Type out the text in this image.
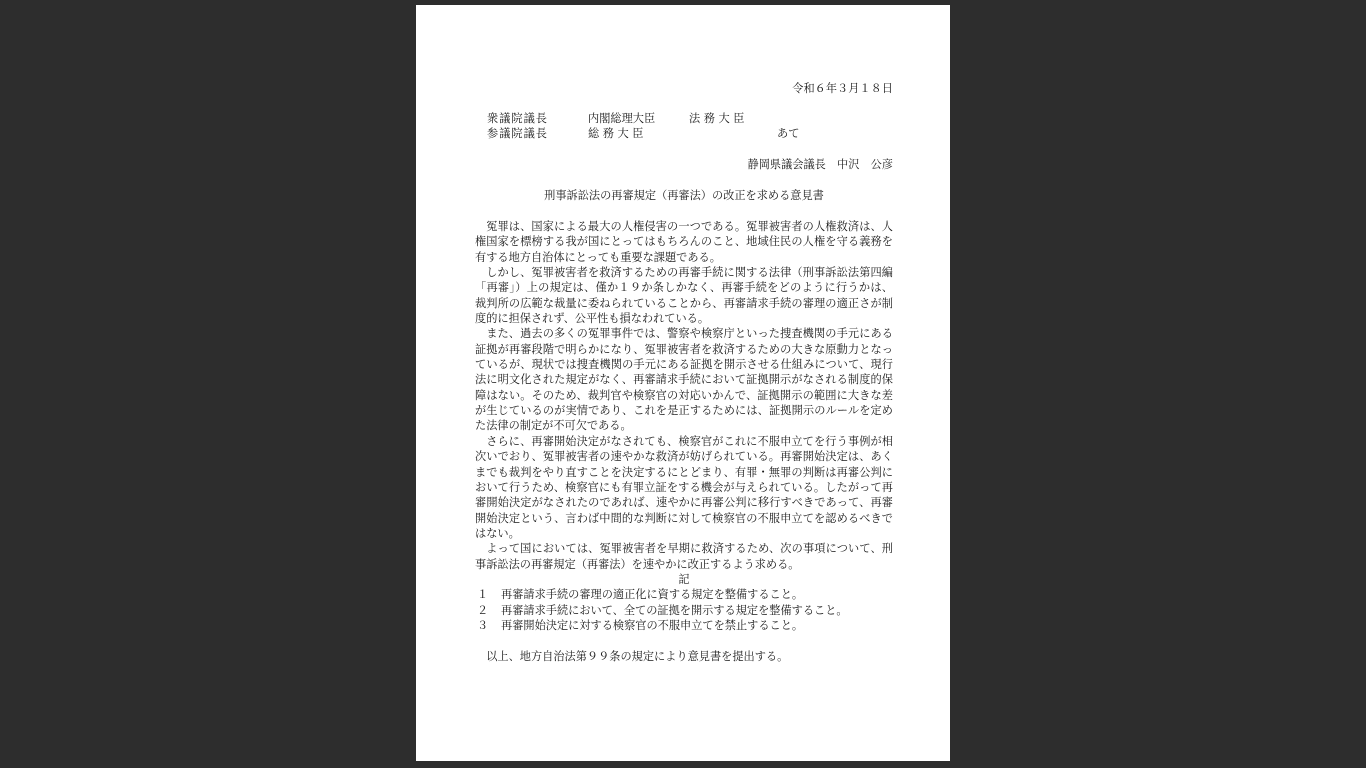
令和６年３月１８日
衆議院議長	内閣総理大臣	法 務 大 臣
参議院議長	総 務 大 臣	あて
静岡県議会議長　中沢　公彦
刑事訴訟法の再審規定（再審法）の改正を求める意見書

冤罪は、国家による最大の人権侵害の一つである。冤罪被害者の人権救済は、人権国家を標榜する我が国にとってはもちろんのこと、地域住民の人権を守る義務を有する地方自治体にとっても重要な課題である。

しかし、冤罪被害者を救済するための再審手続に関する法律（刑事訴訟法第四編「再審」）上の規定は、僅か１９か条しかなく、再審手続をどのように行うかは、裁判所の広範な裁量に委ねられていることから、再審請求手続の審理の適正さが制度的に担保されず、公平性も損なわれている。

また、過去の多くの冤罪事件では、警察や検察庁といった捜査機関の手元にある証拠が再審段階で明らかになり、冤罪被害者を救済するための大きな原動力となっているが、現状では捜査機関の手元にある証拠を開示させる仕組みについて、現行法に明文化された規定がなく、再審請求手続において証拠開示がなされる制度的保障はない。そのため、裁判官や検察官の対応いかんで、証拠開示の範囲に大きな差が生じているのが実情であり、これを是正するためには、証拠開示のルールを定めた法律の制定が不可欠である。

さらに、再審開始決定がなされても、検察官がこれに不服申立てを行う事例が相次いでおり、冤罪被害者の速やかな救済が妨げられている。再審開始決定は、あくまでも裁判をやり直すことを決定するにとどまり、有罪・無罪の判断は再審公判において行うため、検察官にも有罪立証をする機会が与えられている。したがって再審開始決定がなされたのであれば、速やかに再審公判に移行すべきであって、再審開始決定という、言わば中間的な判断に対して検察官の不服申立てを認めるべきではない。

よって国においては、冤罪被害者を早期に救済するため、次の事項について、刑事訴訟法の再審規定（再審法）を速やかに改正するよう求める。

記

１	再審請求手続の審理の適正化に資する規定を整備すること。
２	再審請求手続において、全ての証拠を開示する規定を整備すること。
３	再審開始決定に対する検察官の不服申立てを禁止すること。

以上、地方自治法第９９条の規定により意見書を提出する。
